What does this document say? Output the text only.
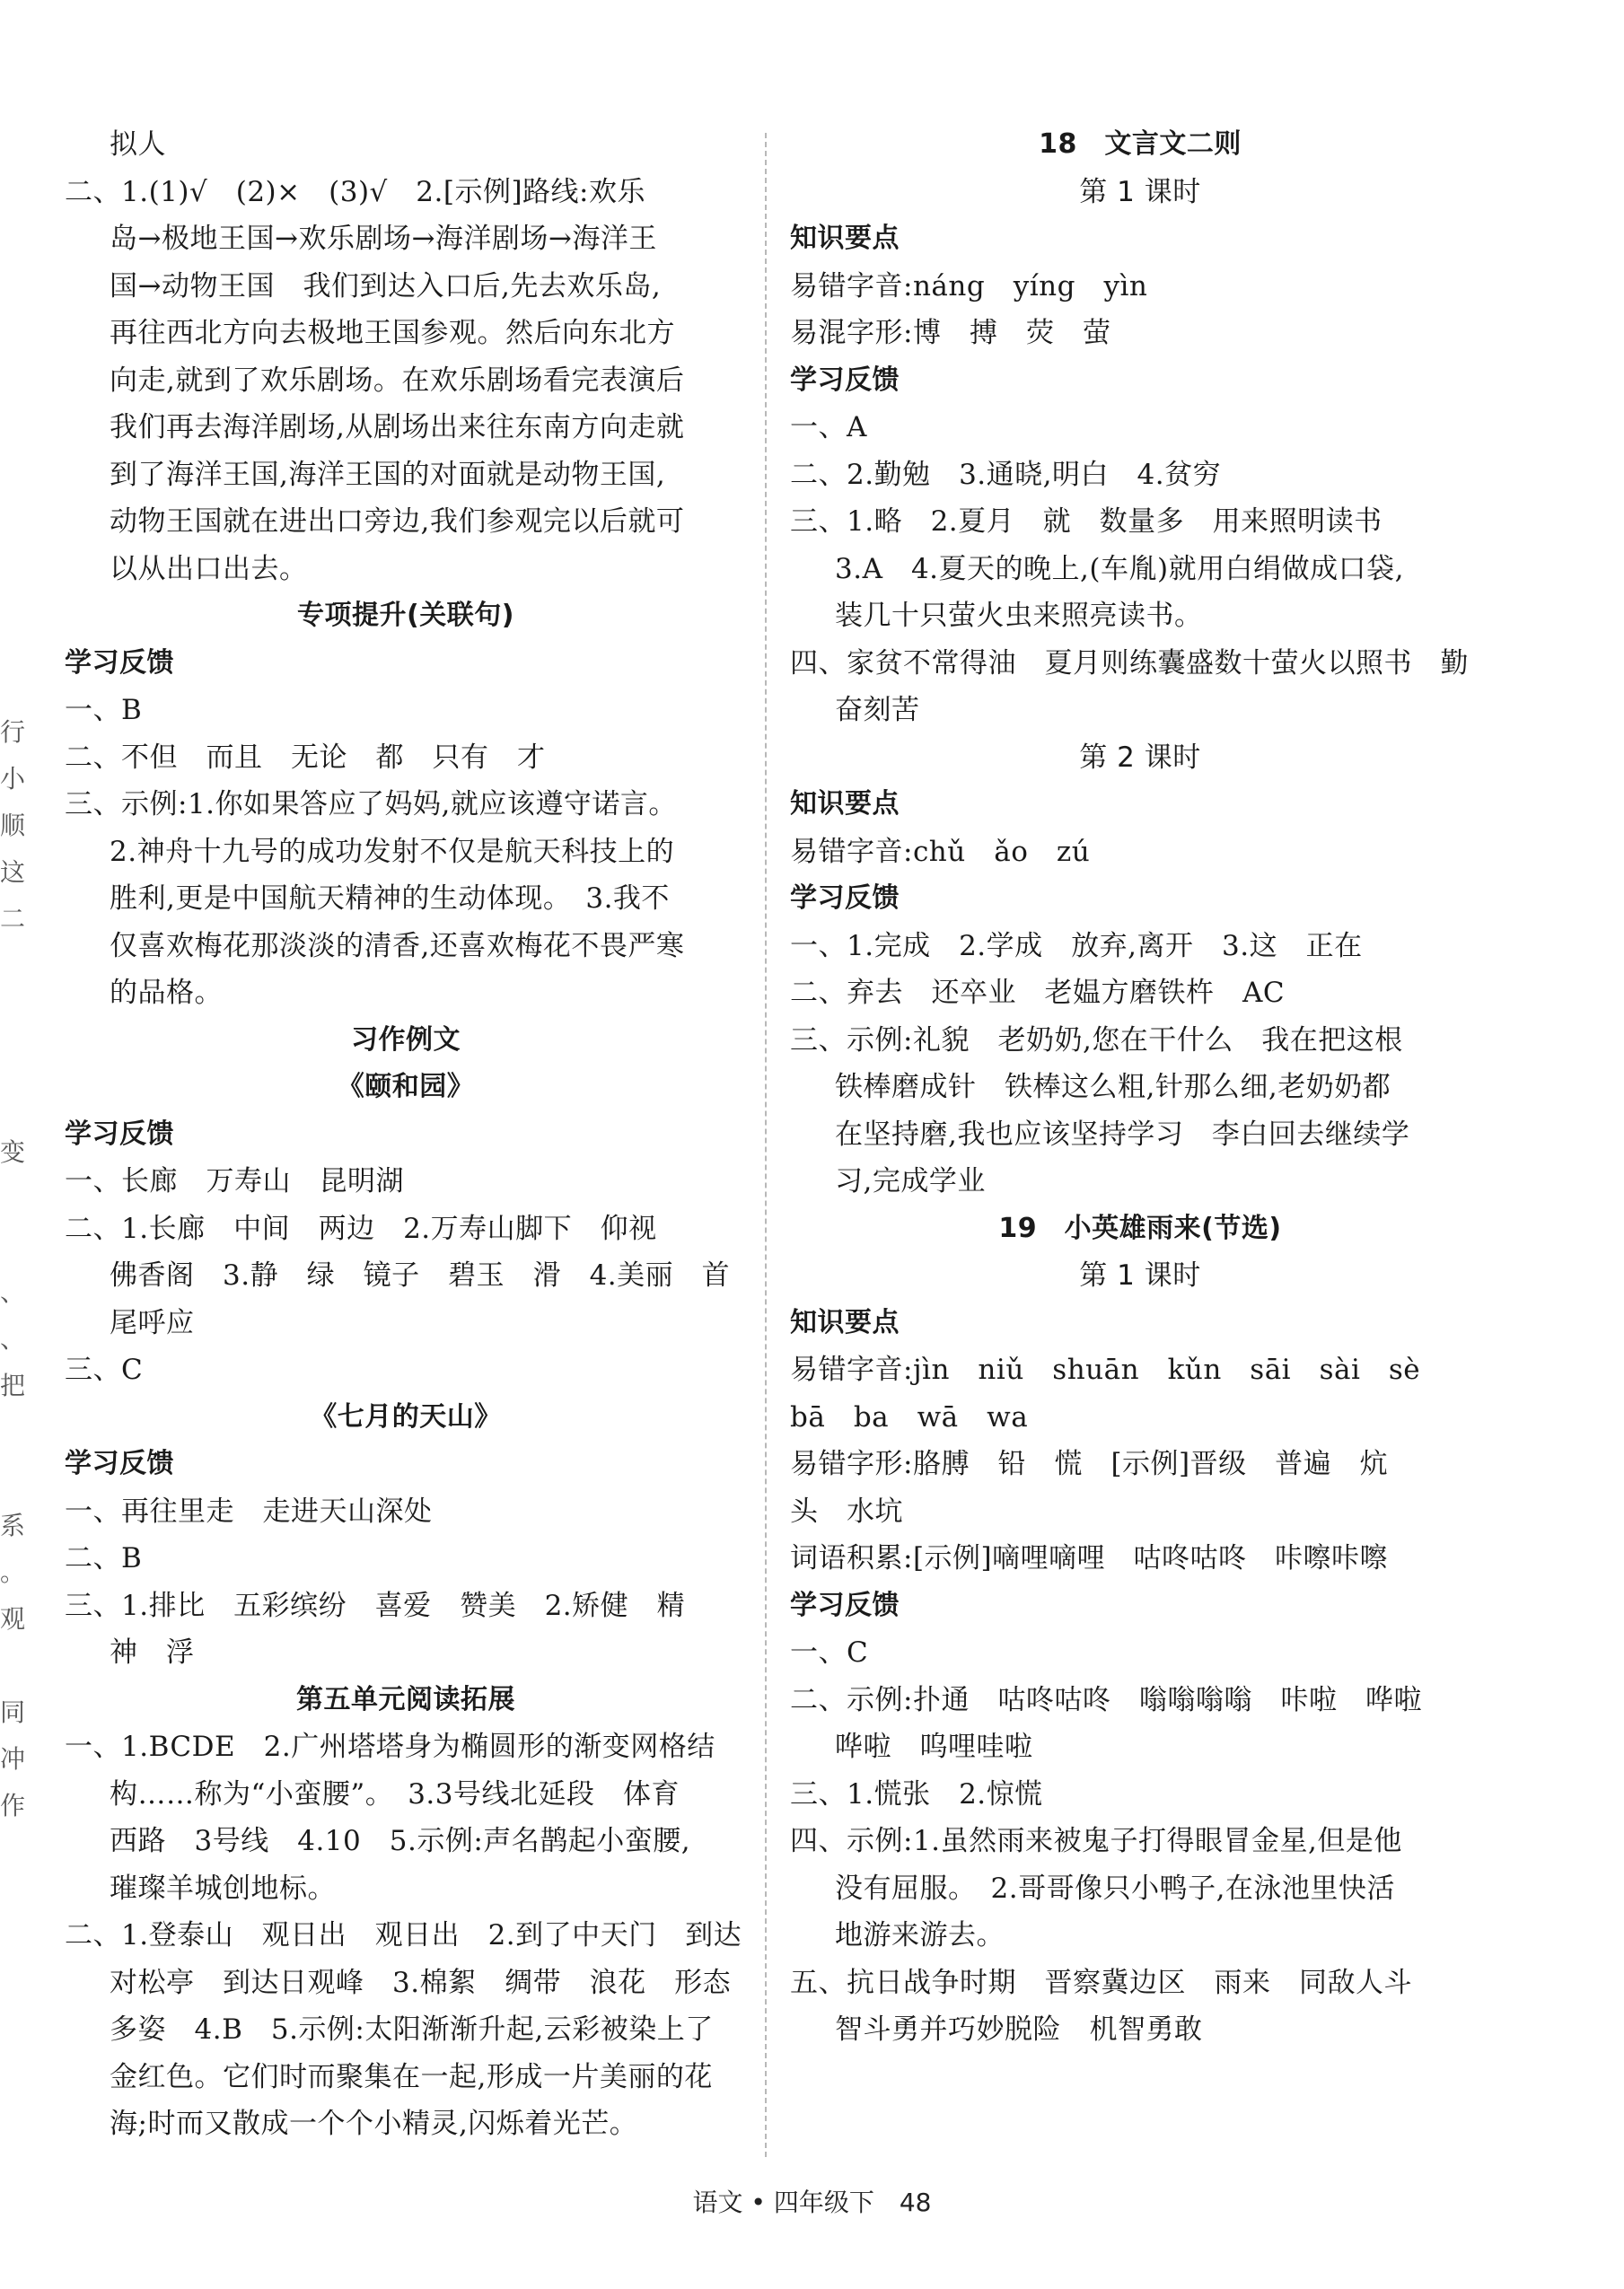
拟人
二、1.(1)√　(2)×　(3)√　2.[示例]路线:欢乐
岛→极地王国→欢乐剧场→海洋剧场→海洋王
国→动物王国　我们到达入口后,先去欢乐岛,
再往西北方向去极地王国参观。然后向东北方
向走,就到了欢乐剧场。在欢乐剧场看完表演后
我们再去海洋剧场,从剧场出来往东南方向走就
到了海洋王国,海洋王国的对面就是动物王国,
动物王国就在进出口旁边,我们参观完以后就可
以从出口出去。
专项提升(关联句)
学习反馈
一、B
二、不但　而且　无论　都　只有　才
三、示例:1.你如果答应了妈妈,就应该遵守诺言。
2.神舟十九号的成功发射不仅是航天科技上的
胜利,更是中国航天精神的生动体现。　3.我不
仅喜欢梅花那淡淡的清香,还喜欢梅花不畏严寒
的品格。
习作例文
《颐和园》
学习反馈
一、长廊　万寿山　昆明湖
二、1.长廊　中间　两边　2.万寿山脚下　仰视
佛香阁　3.静　绿　镜子　碧玉　滑　4.美丽　首
尾呼应
三、C
《七月的天山》
学习反馈
一、再往里走　走进天山深处
二、B
三、1.排比　五彩缤纷　喜爱　赞美　2.矫健　精
神　浮
第五单元阅读拓展
一、1.BCDE　2.广州塔塔身为椭圆形的渐变网格结
构……称为“小蛮腰”。　3.3号线北延段　体育
西路　3号线　4.10　5.示例:声名鹊起小蛮腰,
璀璨羊城创地标。
二、1.登泰山　观日出　观日出　2.到了中天门　到达
对松亭　到达日观峰　3.棉絮　绸带　浪花　形态
多姿　4.B　5.示例:太阳渐渐升起,云彩被染上了
金红色。它们时而聚集在一起,形成一片美丽的花
海;时而又散成一个个小精灵,闪烁着光芒。
18　文言文二则
第 1 课时
知识要点
易错字音:náng　yíng　yìn
易混字形:博　搏　荧　萤
学习反馈
一、A
二、2.勤勉　3.通晓,明白　4.贫穷
三、1.略　2.夏月　就　数量多　用来照明读书
3.A　4.夏天的晚上,(车胤)就用白绢做成口袋,
装几十只萤火虫来照亮读书。
四、家贫不常得油　夏月则练囊盛数十萤火以照书　勤
奋刻苦
第 2 课时
知识要点
易错字音:chǔ　ǎo　zú
学习反馈
一、1.完成　2.学成　放弃,离开　3.这　正在
二、弃去　还卒业　老媪方磨铁杵　AC
三、示例:礼貌　老奶奶,您在干什么　我在把这根
铁棒磨成针　铁棒这么粗,针那么细,老奶奶都
在坚持磨,我也应该坚持学习　李白回去继续学
习,完成学业
19　小英雄雨来(节选)
第 1 课时
知识要点
易错字音:jìn　niǔ　shuān　kǔn　sāi　sài　sè
bā　ba　wā　wa
易错字形:胳膊　铅　慌　[示例]晋级　普遍　炕
头　水坑
词语积累:[示例]嘀哩嘀哩　咕咚咕咚　咔嚓咔嚓
学习反馈
一、C
二、示例:扑通　咕咚咕咚　嗡嗡嗡嗡　咔啦　哗啦
哗啦　呜哩哇啦
三、1.慌张　2.惊慌
四、示例:1.虽然雨来被鬼子打得眼冒金星,但是他
没有屈服。　2.哥哥像只小鸭子,在泳池里快活
地游来游去。
五、抗日战争时期　晋察冀边区　雨来　同敌人斗
智斗勇并巧妙脱险　机智勇敢
行
小
顺
这
二
变
、
、
把
系
。
观
同
冲
作
语文 • 四年级下　48
